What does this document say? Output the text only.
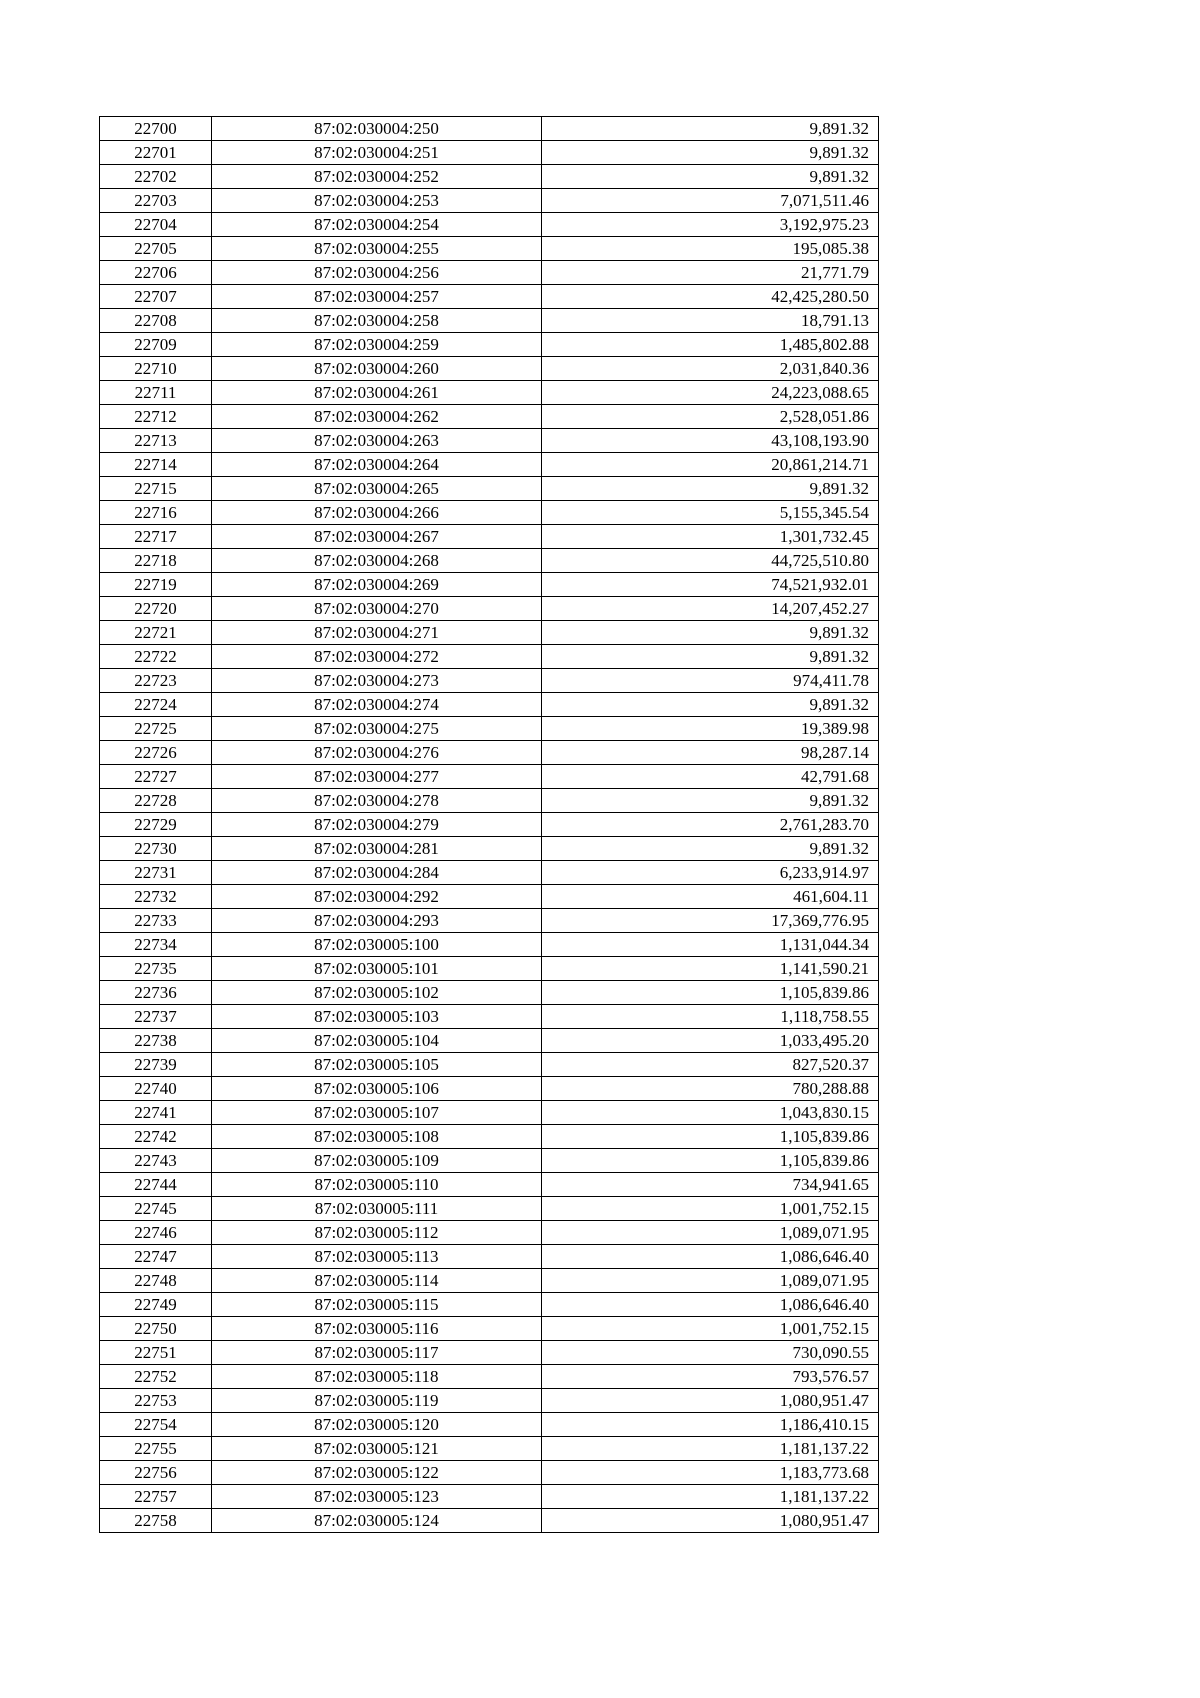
22700	87:02:030004:250	9,891.32
22701	87:02:030004:251	9,891.32
22702	87:02:030004:252	9,891.32
22703	87:02:030004:253	7,071,511.46
22704	87:02:030004:254	3,192,975.23
22705	87:02:030004:255	195,085.38
22706	87:02:030004:256	21,771.79
22707	87:02:030004:257	42,425,280.50
22708	87:02:030004:258	18,791.13
22709	87:02:030004:259	1,485,802.88
22710	87:02:030004:260	2,031,840.36
22711	87:02:030004:261	24,223,088.65
22712	87:02:030004:262	2,528,051.86
22713	87:02:030004:263	43,108,193.90
22714	87:02:030004:264	20,861,214.71
22715	87:02:030004:265	9,891.32
22716	87:02:030004:266	5,155,345.54
22717	87:02:030004:267	1,301,732.45
22718	87:02:030004:268	44,725,510.80
22719	87:02:030004:269	74,521,932.01
22720	87:02:030004:270	14,207,452.27
22721	87:02:030004:271	9,891.32
22722	87:02:030004:272	9,891.32
22723	87:02:030004:273	974,411.78
22724	87:02:030004:274	9,891.32
22725	87:02:030004:275	19,389.98
22726	87:02:030004:276	98,287.14
22727	87:02:030004:277	42,791.68
22728	87:02:030004:278	9,891.32
22729	87:02:030004:279	2,761,283.70
22730	87:02:030004:281	9,891.32
22731	87:02:030004:284	6,233,914.97
22732	87:02:030004:292	461,604.11
22733	87:02:030004:293	17,369,776.95
22734	87:02:030005:100	1,131,044.34
22735	87:02:030005:101	1,141,590.21
22736	87:02:030005:102	1,105,839.86
22737	87:02:030005:103	1,118,758.55
22738	87:02:030005:104	1,033,495.20
22739	87:02:030005:105	827,520.37
22740	87:02:030005:106	780,288.88
22741	87:02:030005:107	1,043,830.15
22742	87:02:030005:108	1,105,839.86
22743	87:02:030005:109	1,105,839.86
22744	87:02:030005:110	734,941.65
22745	87:02:030005:111	1,001,752.15
22746	87:02:030005:112	1,089,071.95
22747	87:02:030005:113	1,086,646.40
22748	87:02:030005:114	1,089,071.95
22749	87:02:030005:115	1,086,646.40
22750	87:02:030005:116	1,001,752.15
22751	87:02:030005:117	730,090.55
22752	87:02:030005:118	793,576.57
22753	87:02:030005:119	1,080,951.47
22754	87:02:030005:120	1,186,410.15
22755	87:02:030005:121	1,181,137.22
22756	87:02:030005:122	1,183,773.68
22757	87:02:030005:123	1,181,137.22
22758	87:02:030005:124	1,080,951.47
